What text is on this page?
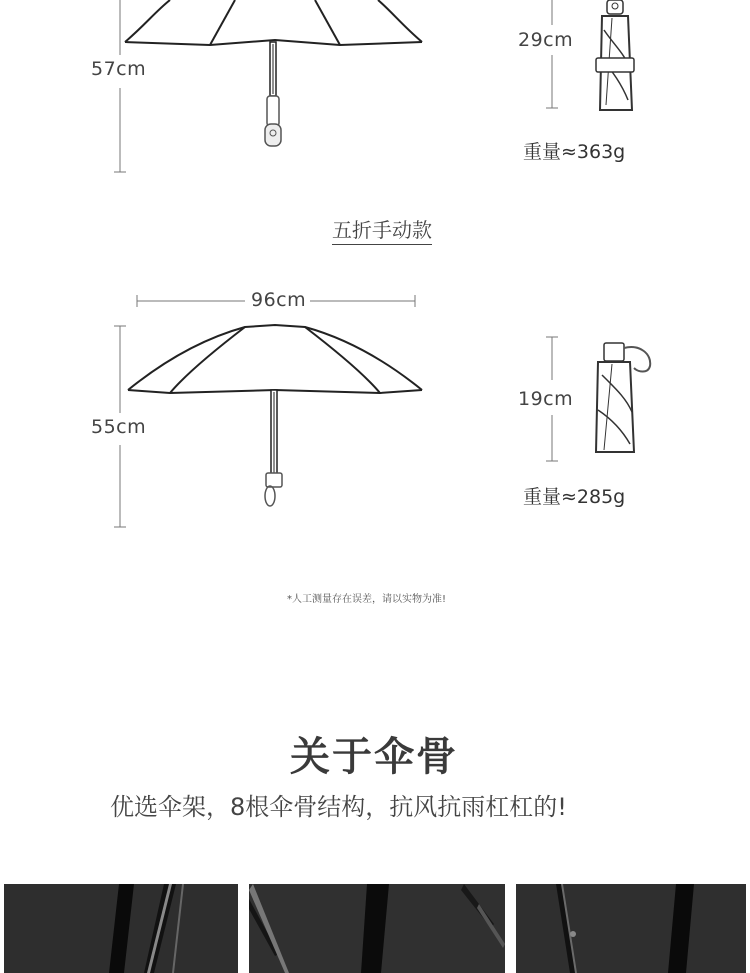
57cm
29cm
重量≈363g
五折手动款
96cm
55cm
19cm
重量≈285g
*人工测量存在误差，请以实物为准!
关于伞骨
优选伞架，8根伞骨结构，抗风抗雨杠杠的!
